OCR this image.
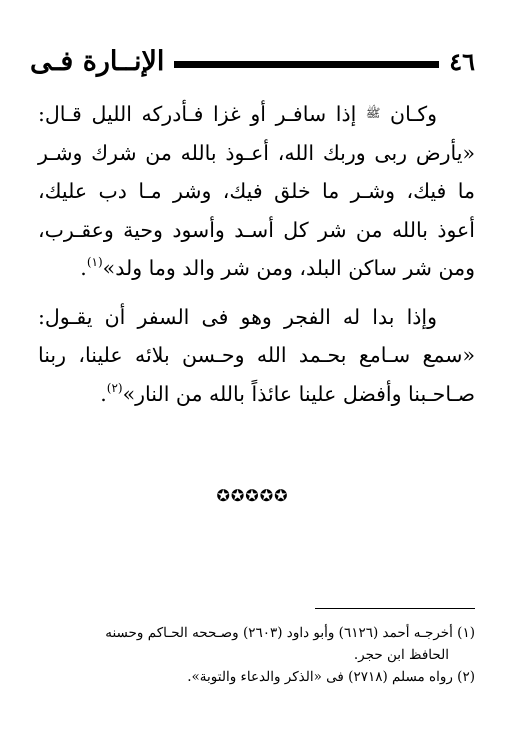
الإنــارة فـى	٤٦

وكـان ﷺ إذا سافـر أو غزا فـأدركه الليل قـال: «يأرض ربى وربك الله، أعـوذ بالله من شرك وشـر ما فيك، وشـر ما خلق فيك، وشر مـا دب عليك، أعوذ بالله من شر كل أسـد وأسود وحية وعقـرب، ومن شر ساكن البلد، ومن شر والد وما ولد»$^{(١)}$.

وإذا بدا له الفجر وهو فى السفر أن يقـول: «سمع سـامع بحـمد الله وحـسن بلائه علينا، ربنا صـاحـبنا وأفضل علينا عائذاً بالله من النار»$^{(٢)}$.

✪✪✪✪✪

(١) أخرجـه أحمد (٦١٢٦) وأبو داود (٢٦٠٣) وصـححه الحـاكم وحسنه

الحافظ ابن حجر.

(٢) رواه مسلم (٢٧١٨) فى «الذكر والدعاء والتوبة».
